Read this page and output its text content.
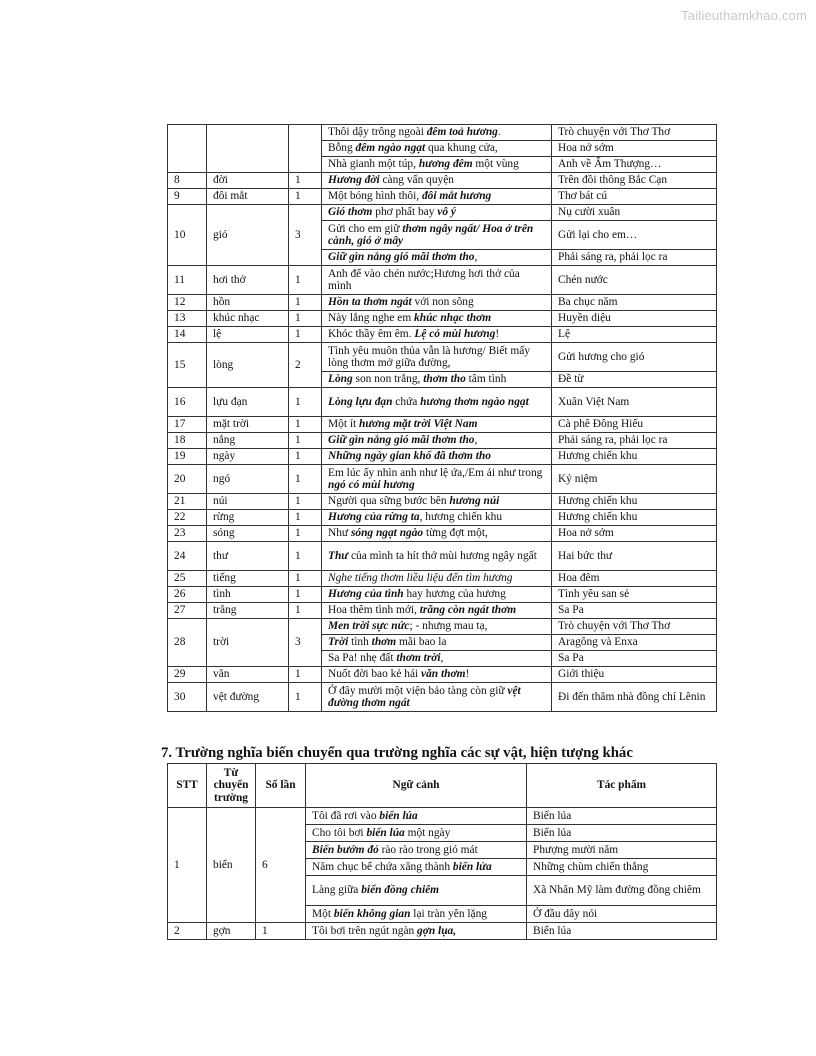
Tailieuthamkhao.com
			Thôi dậy trông ngoài đêm toả hương.	Trò chuyện với Thơ Thơ
			Bỗng đêm ngào ngạt qua khung cửa,	Hoa nở sớm
			Nhà gianh một túp, hương đêm một vùng	Anh về Ẩm Thượng…
8	đời	1	Hương đời càng vấn quyện	Trên đồi thông Bắc Cạn
9	đôi mắt	1	Một bóng hình thôi, đôi mắt hương	Thơ bát cú
10	gió	3	Gió thơm phơ phất bay vô ý	Nụ cười xuân
			Gửi cho em giữ thơm ngây ngất/ Hoa ở trên cành, gió ở mây	Gửi lại cho em…
			Giữ gìn nắng gió mãi thơm tho,	Phải sáng ra, phải lọc ra
11	hơi thở	1	Anh để vào chén nước;Hương hơi thở của mình	Chén nước
12	hồn	1	Hồn ta thơm ngát với non sông	Ba chục năm
13	khúc nhạc	1	Này lắng nghe em khúc nhạc thơm	Huyền diệu
14	lệ	1	Khóc thầy êm êm. Lệ có mùi hương!	Lệ
15	lòng	2	Tình yêu muôn thủa vẫn là hương/ Biết mấy lòng thơm mở giữa đường,	Gửi hương cho gió
			Lòng son non trắng, thơm tho tâm tình	Đề từ
16	lựu đạn	1	Lòng lựu đạn chứa hương thơm ngào ngạt	Xuân Việt Nam
17	mặt trời	1	Một ít hương mặt trời Việt Nam	Cà phê Đông Hiếu
18	nắng	1	Giữ gìn nắng gió mãi thơm tho,	Phải sáng ra, phải lọc ra
19	ngày	1	Những ngày gian khổ đã thơm tho	Hương chiến khu
20	ngó	1	Em lúc ấy nhìn anh như lệ ứa,/Em ải như trong ngó có mùi hương	Kỷ niệm
21	núi	1	Người qua sững bước bên hương núi	Hương chiến khu
22	rừng	1	Hương của rừng ta, hương chiến khu	Hương chiến khu
23	sóng	1	Như sóng ngạt ngào từng đợt một,	Hoa nở sớm
24	thư	1	Thư của mình ta hít thở mùi hương ngây ngất	Hai bức thư
25	tiếng	1	Nghe tiếng thơm liều liệu đến tìm hương	Hoa đêm
26	tình	1	Hương của tình hay hương của hương	Tình yêu san sẻ
27	trăng	1	Hoa thêm tình mới, trăng còn ngát thơm	Sa Pa
28	trời	3	Men trời sực nức; - nhưng mau tạ,	Trò chuyện với Thơ Thơ
			Trời tình thơm mãi bao la	Aragông và Enxa
			Sa Pa! nhẹ đất thơm trời,	Sa Pa
29	văn	1	Nuốt đời bao kẻ hái văn thơm!	Giới thiệu
30	vệt đường	1	Ở đây mười một viện bảo tàng còn giữ vệt đường thơm ngát	Đi đến thăm nhà đồng chí Lênin
7. Trường nghĩa biến chuyển qua trường nghĩa các sự vật, hiện tượng khác
STT	Từ chuyển trường	Số lần	Ngữ cảnh	Tác phẩm
1	biển	6	Tôi đã rơi vào biển lúa	Biển lúa
			Cho tôi bơi biển lúa một ngày	Biển lúa
			Biển bướm đỏ rào rào trong gió mát	Phượng mười năm
			Năm chục bể chứa xăng thành biển lửa	Những chùm chiến thắng
			Làng giữa biển đồng chiêm	Xã Nhân Mỹ làm đường đồng chiêm
			Một biển không gian lại tràn yên lặng	Ở đầu dây nói
2	gợn	1	Tôi bơi trên ngút ngàn gợn lụa,	Biển lúa
